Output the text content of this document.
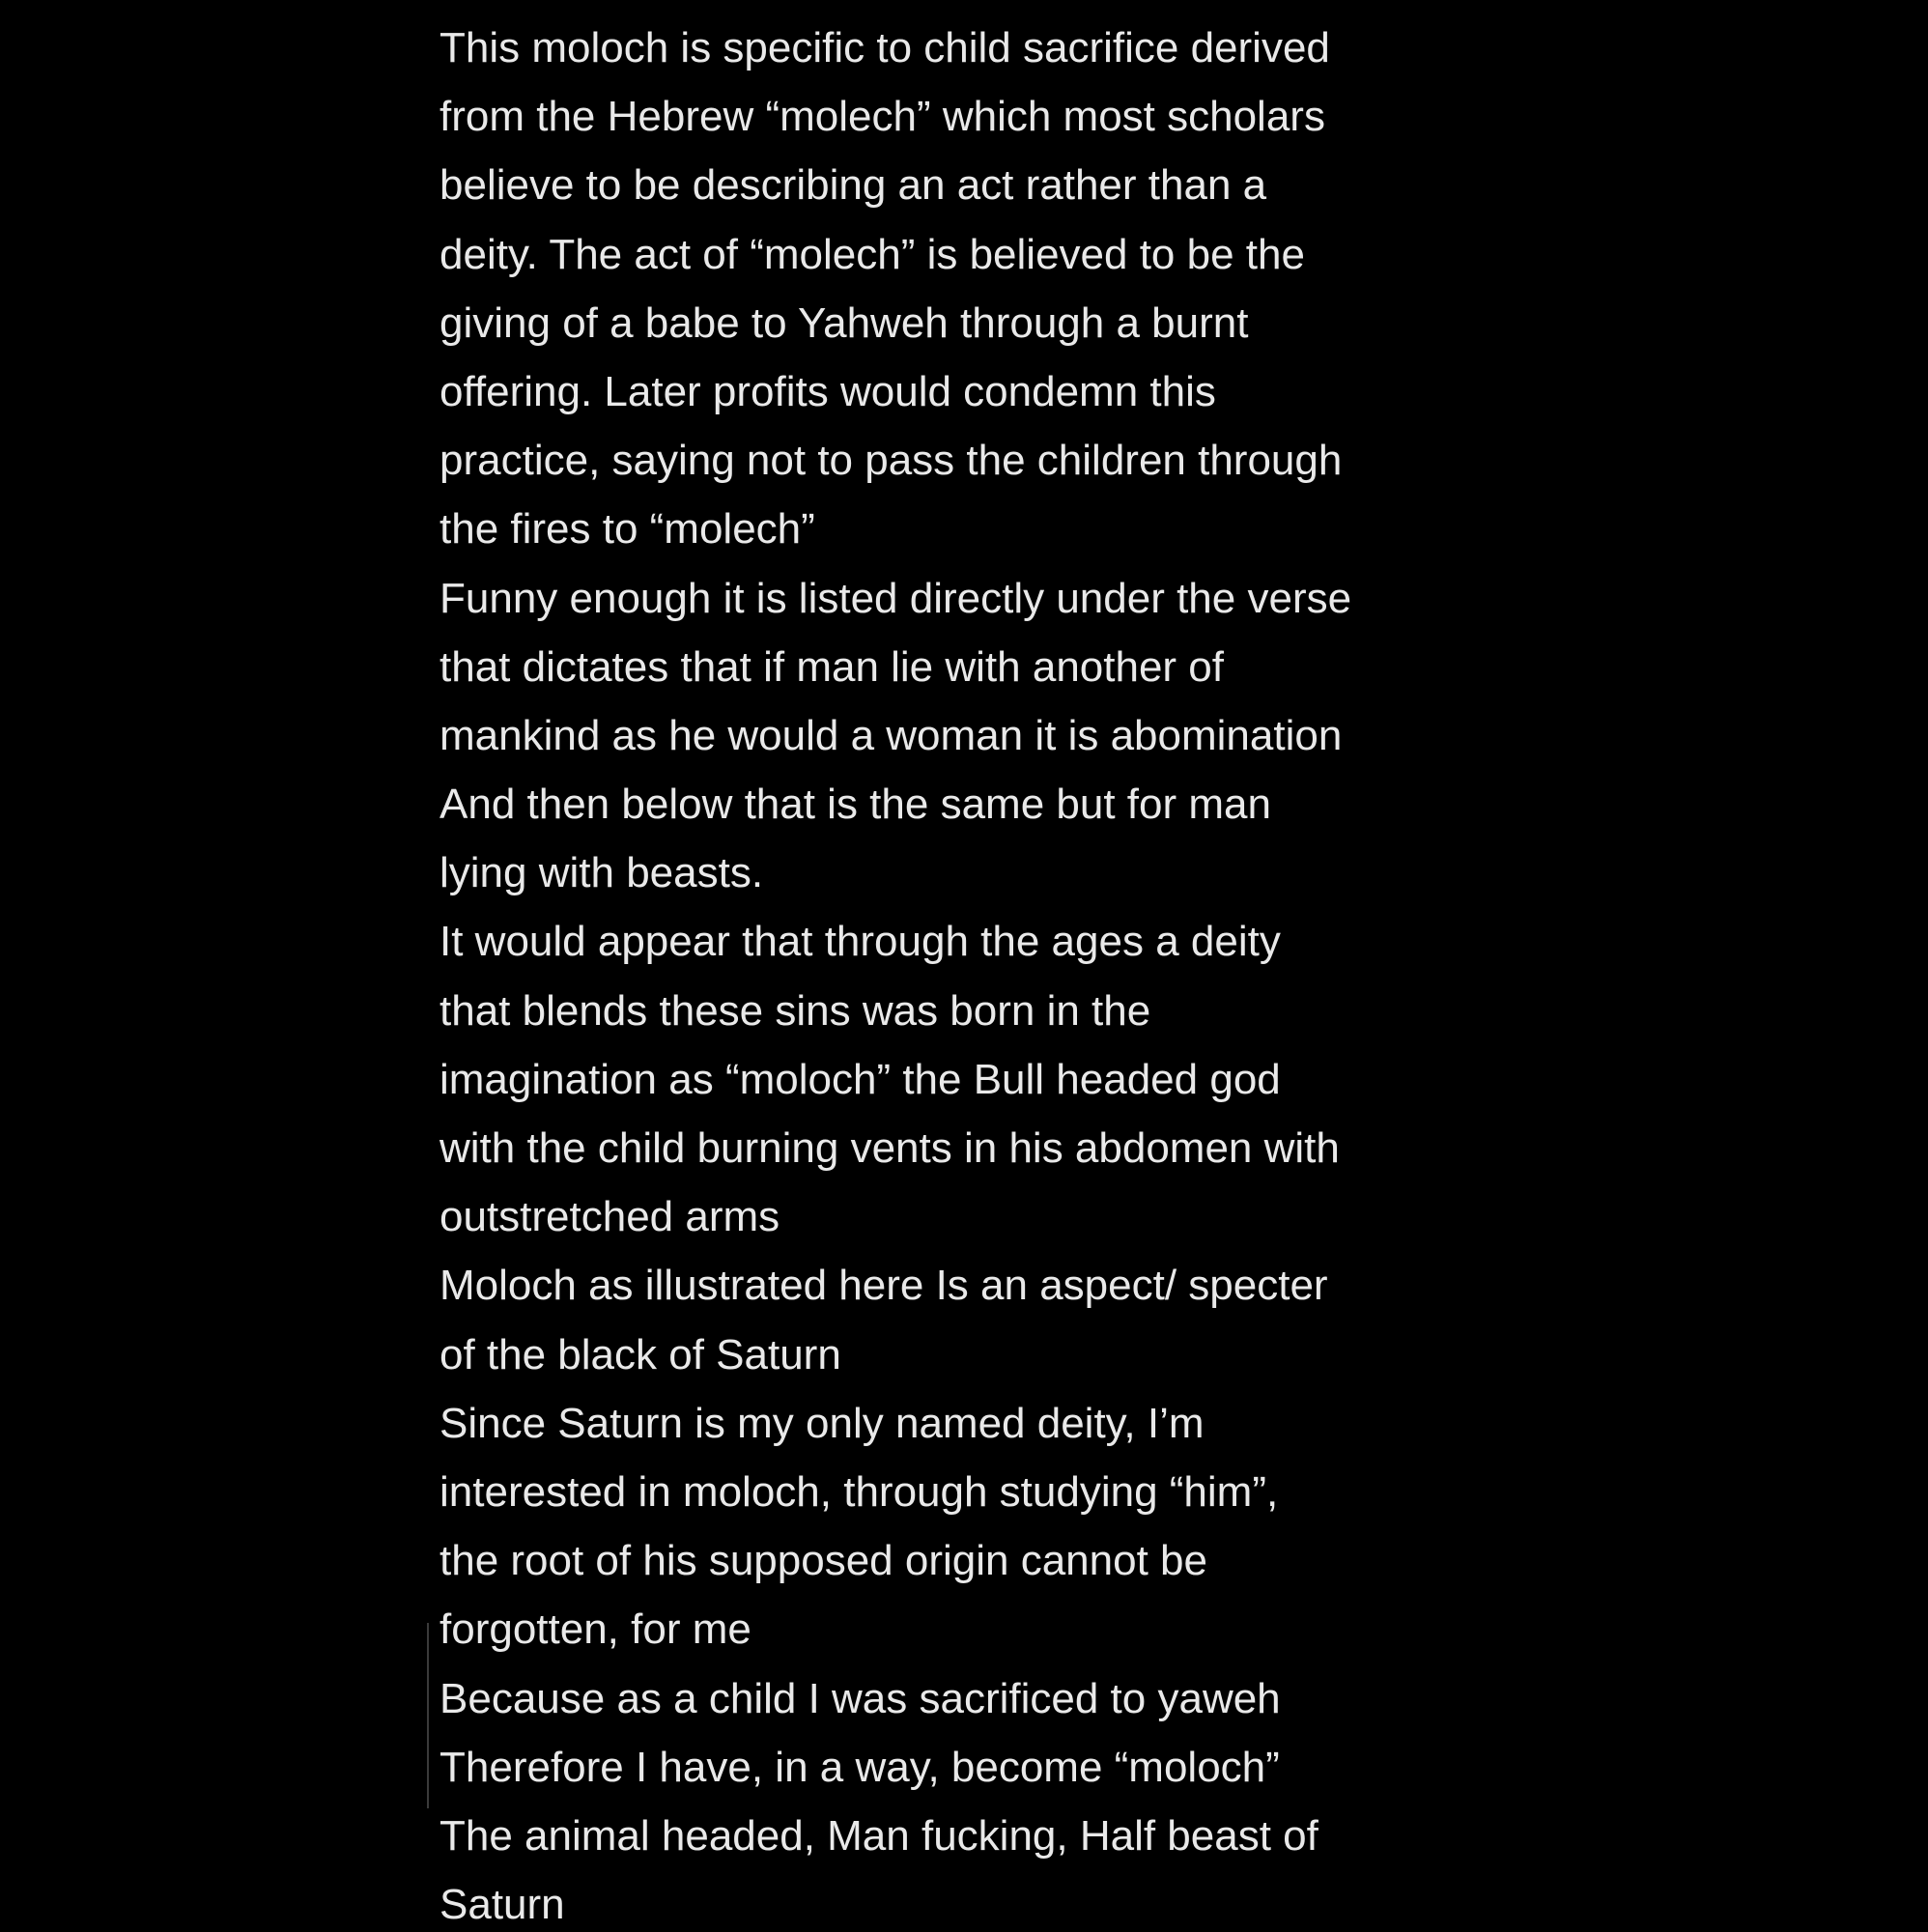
This moloch is specific to child sacrifice derived
from the Hebrew “molech” which most scholars
believe to be describing an act rather than a
deity. The act of “molech” is believed to be the
giving of a babe to Yahweh through a burnt
offering. Later profits would condemn this
practice, saying not to pass the children through
the fires to “molech”
Funny enough it is listed directly under the verse
that dictates that if man lie with another of
mankind as he would a woman it is abomination
And then below that is the same but for man
lying with beasts.
It would appear that through the ages a deity
that blends these sins was born in the
imagination as “moloch” the Bull headed god
with the child burning vents in his abdomen with
outstretched arms
Moloch as illustrated here Is an aspect/ specter
of the black of Saturn
Since Saturn is my only named deity, I’m
interested in moloch, through studying “him”,
the root of his supposed origin cannot be
forgotten, for me
Because as a child I was sacrificed to yaweh
Therefore I have, in a way, become “moloch”
The animal headed, Man fucking, Half beast of
Saturn
